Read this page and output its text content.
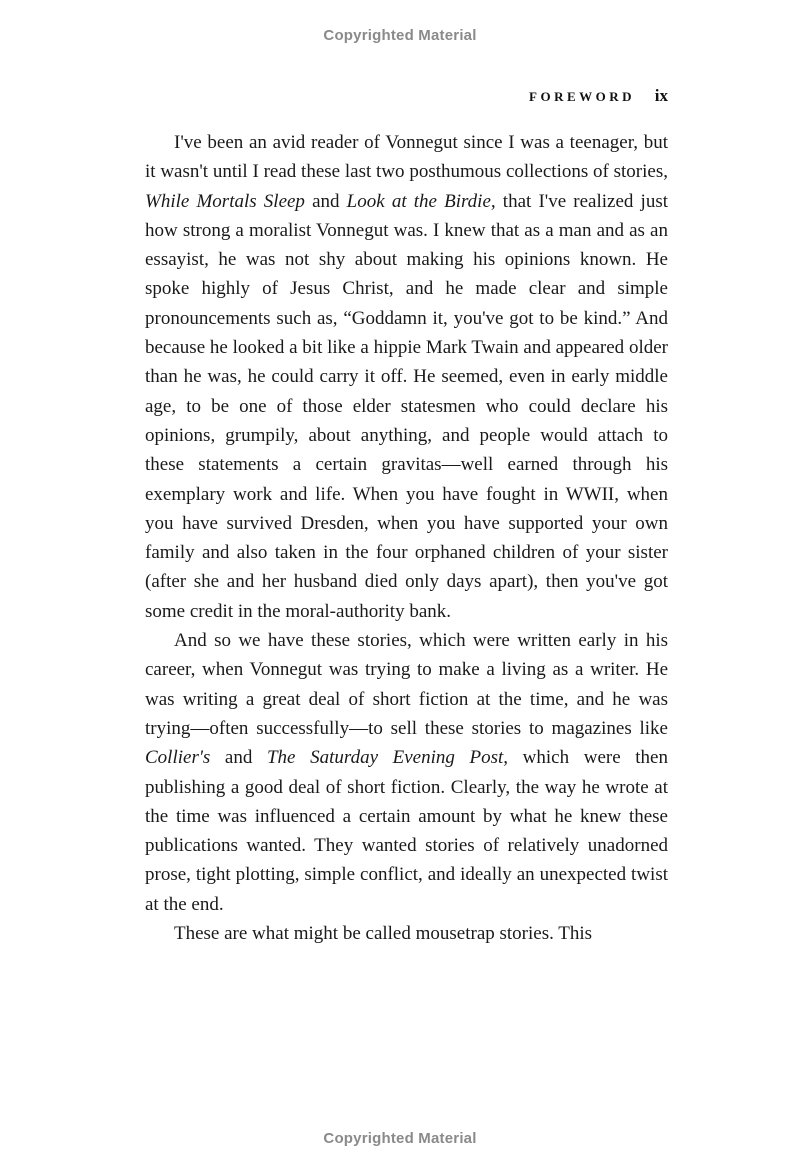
Copyrighted Material
FOREWORD ix

I've been an avid reader of Vonnegut since I was a teenager, but it wasn't until I read these last two posthumous collections of stories, While Mortals Sleep and Look at the Birdie, that I've realized just how strong a moralist Vonnegut was. I knew that as a man and as an essayist, he was not shy about making his opinions known. He spoke highly of Jesus Christ, and he made clear and simple pronouncements such as, “Goddamn it, you've got to be kind.” And because he looked a bit like a hippie Mark Twain and appeared older than he was, he could carry it off. He seemed, even in early middle age, to be one of those elder statesmen who could declare his opinions, grumpily, about anything, and people would attach to these statements a certain gravitas—well earned through his exemplary work and life. When you have fought in WWII, when you have survived Dresden, when you have supported your own family and also taken in the four orphaned children of your sister (after she and her husband died only days apart), then you've got some credit in the moral-authority bank.

And so we have these stories, which were written early in his career, when Vonnegut was trying to make a living as a writer. He was writing a great deal of short fiction at the time, and he was trying—often successfully—to sell these stories to magazines like Collier's and The Saturday Evening Post, which were then publishing a good deal of short fiction. Clearly, the way he wrote at the time was influenced a certain amount by what he knew these publications wanted. They wanted stories of relatively unadorned prose, tight plotting, simple conflict, and ideally an unexpected twist at the end.

These are what might be called mousetrap stories. This

Copyrighted Material
